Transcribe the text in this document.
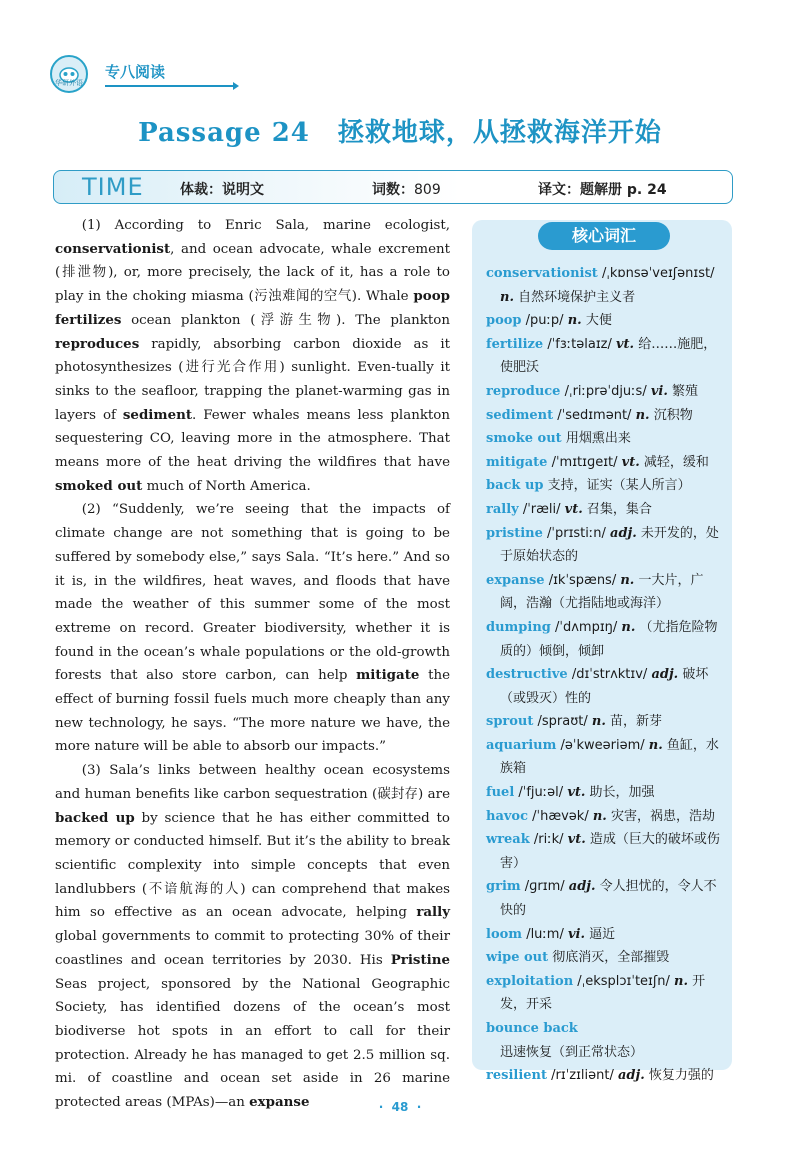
华研外语
专八阅读
Passage 24 拯救地球，从拯救海洋开始
TIME	体裁：说明文	词数：809	译文：题解册 p. 24

(1) According to Enric Sala, marine ecologist, conservationist, and ocean advocate, whale excrement (排泄物), or, more precisely, the lack of it, has a role to play in the choking miasma (污浊难闻的空气). Whale poop fertilizes ocean plankton (浮游生物). The plankton reproduces rapidly, absorbing carbon dioxide as it photosynthesizes (进行光合作用) sunlight. Even-tually it sinks to the seafloor, trapping the planet-warming gas in layers of sediment. Fewer whales means less plankton sequestering CO, leaving more in the atmosphere. That means more of the heat driving the wildfires that have smoked out much of North America.

(2) “Suddenly, we’re seeing that the impacts of climate change are not something that is going to be suffered by somebody else,” says Sala. “It’s here.” And so it is, in the wildfires, heat waves, and floods that have made the weather of this summer some of the most extreme on record. Greater biodiversity, whether it is found in the ocean’s whale populations or the old-growth forests that also store carbon, can help mitigate the effect of burning fossil fuels much more cheaply than any new technology, he says. “The more nature we have, the more nature will be able to absorb our impacts.”

(3) Sala’s links between healthy ocean ecosystems and human benefits like carbon sequestration (碳封存) are backed up by science that he has either committed to memory or conducted himself. But it’s the ability to break scientific complexity into simple concepts that even landlubbers (不谙航海的人) can comprehend that makes him so effective as an ocean advocate, helping rally global governments to commit to protecting 30% of their coastlines and ocean territories by 2030. His Pristine Seas project, sponsored by the National Geographic Society, has identified dozens of the ocean’s most biodiverse hot spots in an effort to call for their protection. Already he has managed to get 2.5 million sq. mi. of coastline and ocean set aside in 26 marine protected areas (MPAs)—an expanse

核心词汇

conservationist /ˌkɒnsəˈveɪʃənɪst/ n. 自然环境保护主义者

poop /puːp/ n. 大便

fertilize /ˈfɜːtəlaɪz/ vt. 给……施肥，使肥沃

reproduce /ˌriːprəˈdjuːs/ vi. 繁殖

sediment /ˈsedɪmənt/ n. 沉积物

smoke out 用烟熏出来

mitigate /ˈmɪtɪɡeɪt/ vt. 减轻，缓和

back up 支持，证实（某人所言）

rally /ˈræli/ vt. 召集，集合

pristine /ˈprɪstiːn/ adj. 未开发的，处于原始状态的

expanse /ɪkˈspæns/ n. 一大片，广阔，浩瀚（尤指陆地或海洋）

dumping /ˈdʌmpɪŋ/ n. （尤指危险物质的）倾倒，倾卸

destructive /dɪˈstrʌktɪv/ adj. 破坏（或毁灭）性的

sprout /spraʊt/ n. 苗，新芽

aquarium /əˈkweəriəm/ n. 鱼缸，水族箱

fuel /ˈfjuːəl/ vt. 助长，加强

havoc /ˈhævək/ n. 灾害，祸患，浩劫

wreak /riːk/ vt. 造成（巨大的破坏或伤害）

grim /ɡrɪm/ adj. 令人担忧的，令人不快的

loom /luːm/ vi. 逼近

wipe out 彻底消灭，全部摧毁

exploitation /ˌeksplɔɪˈteɪʃn/ n. 开发，开采

bounce back 迅速恢复（到正常状态）

resilient /rɪˈzɪliənt/ adj. 恢复力强的

·  48  ·
